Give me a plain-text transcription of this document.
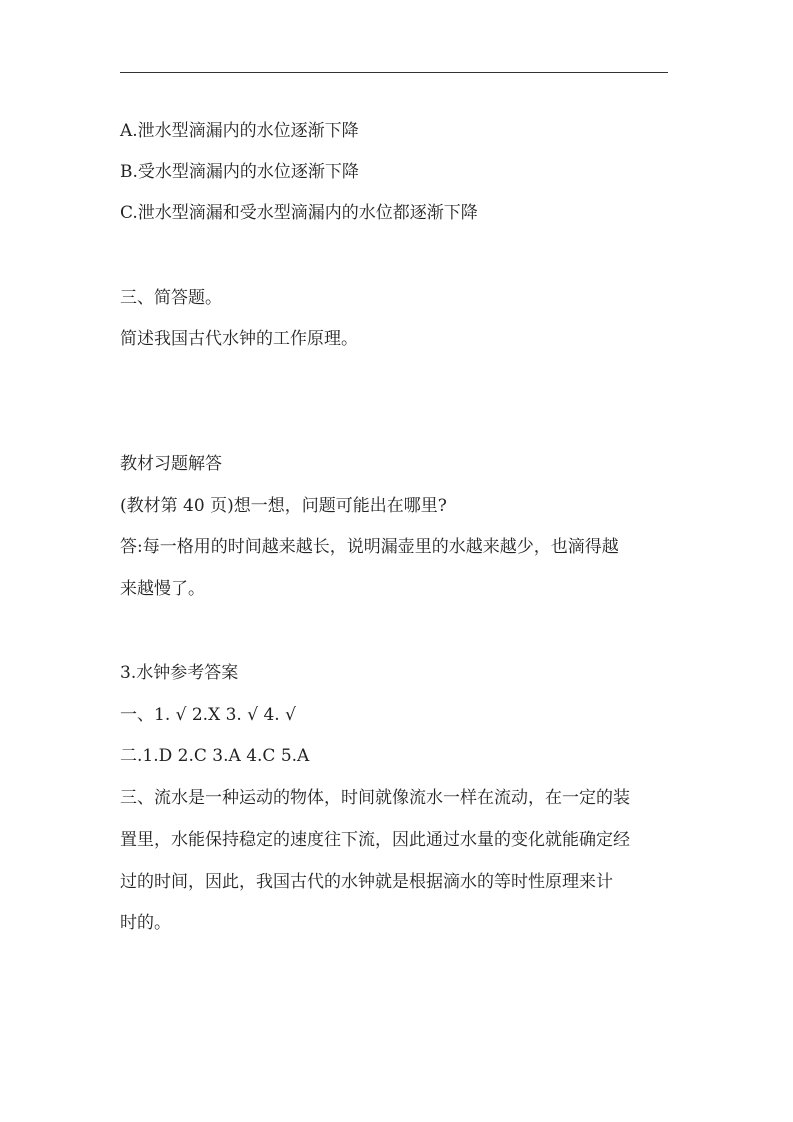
A.泄水型滴漏内的水位逐渐下降
B.受水型滴漏内的水位逐渐下降
C.泄水型滴漏和受水型滴漏内的水位都逐渐下降
三、简答题。
简述我国古代水钟的工作原理。
教材习题解答
(教材第 40 页)想一想，问题可能出在哪里?
答:每一格用的时间越来越长，说明漏壶里的水越来越少，也滴得越
来越慢了。
3.水钟参考答案
一、1. √ 2.X 3. √ 4. √
二.1.D 2.C 3.A 4.C 5.A
三、流水是一种运动的物体，时间就像流水一样在流动，在一定的装
置里，水能保持稳定的速度往下流，因此通过水量的变化就能确定经
过的时间，因此，我国古代的水钟就是根据滴水的等时性原理来计
时的。
